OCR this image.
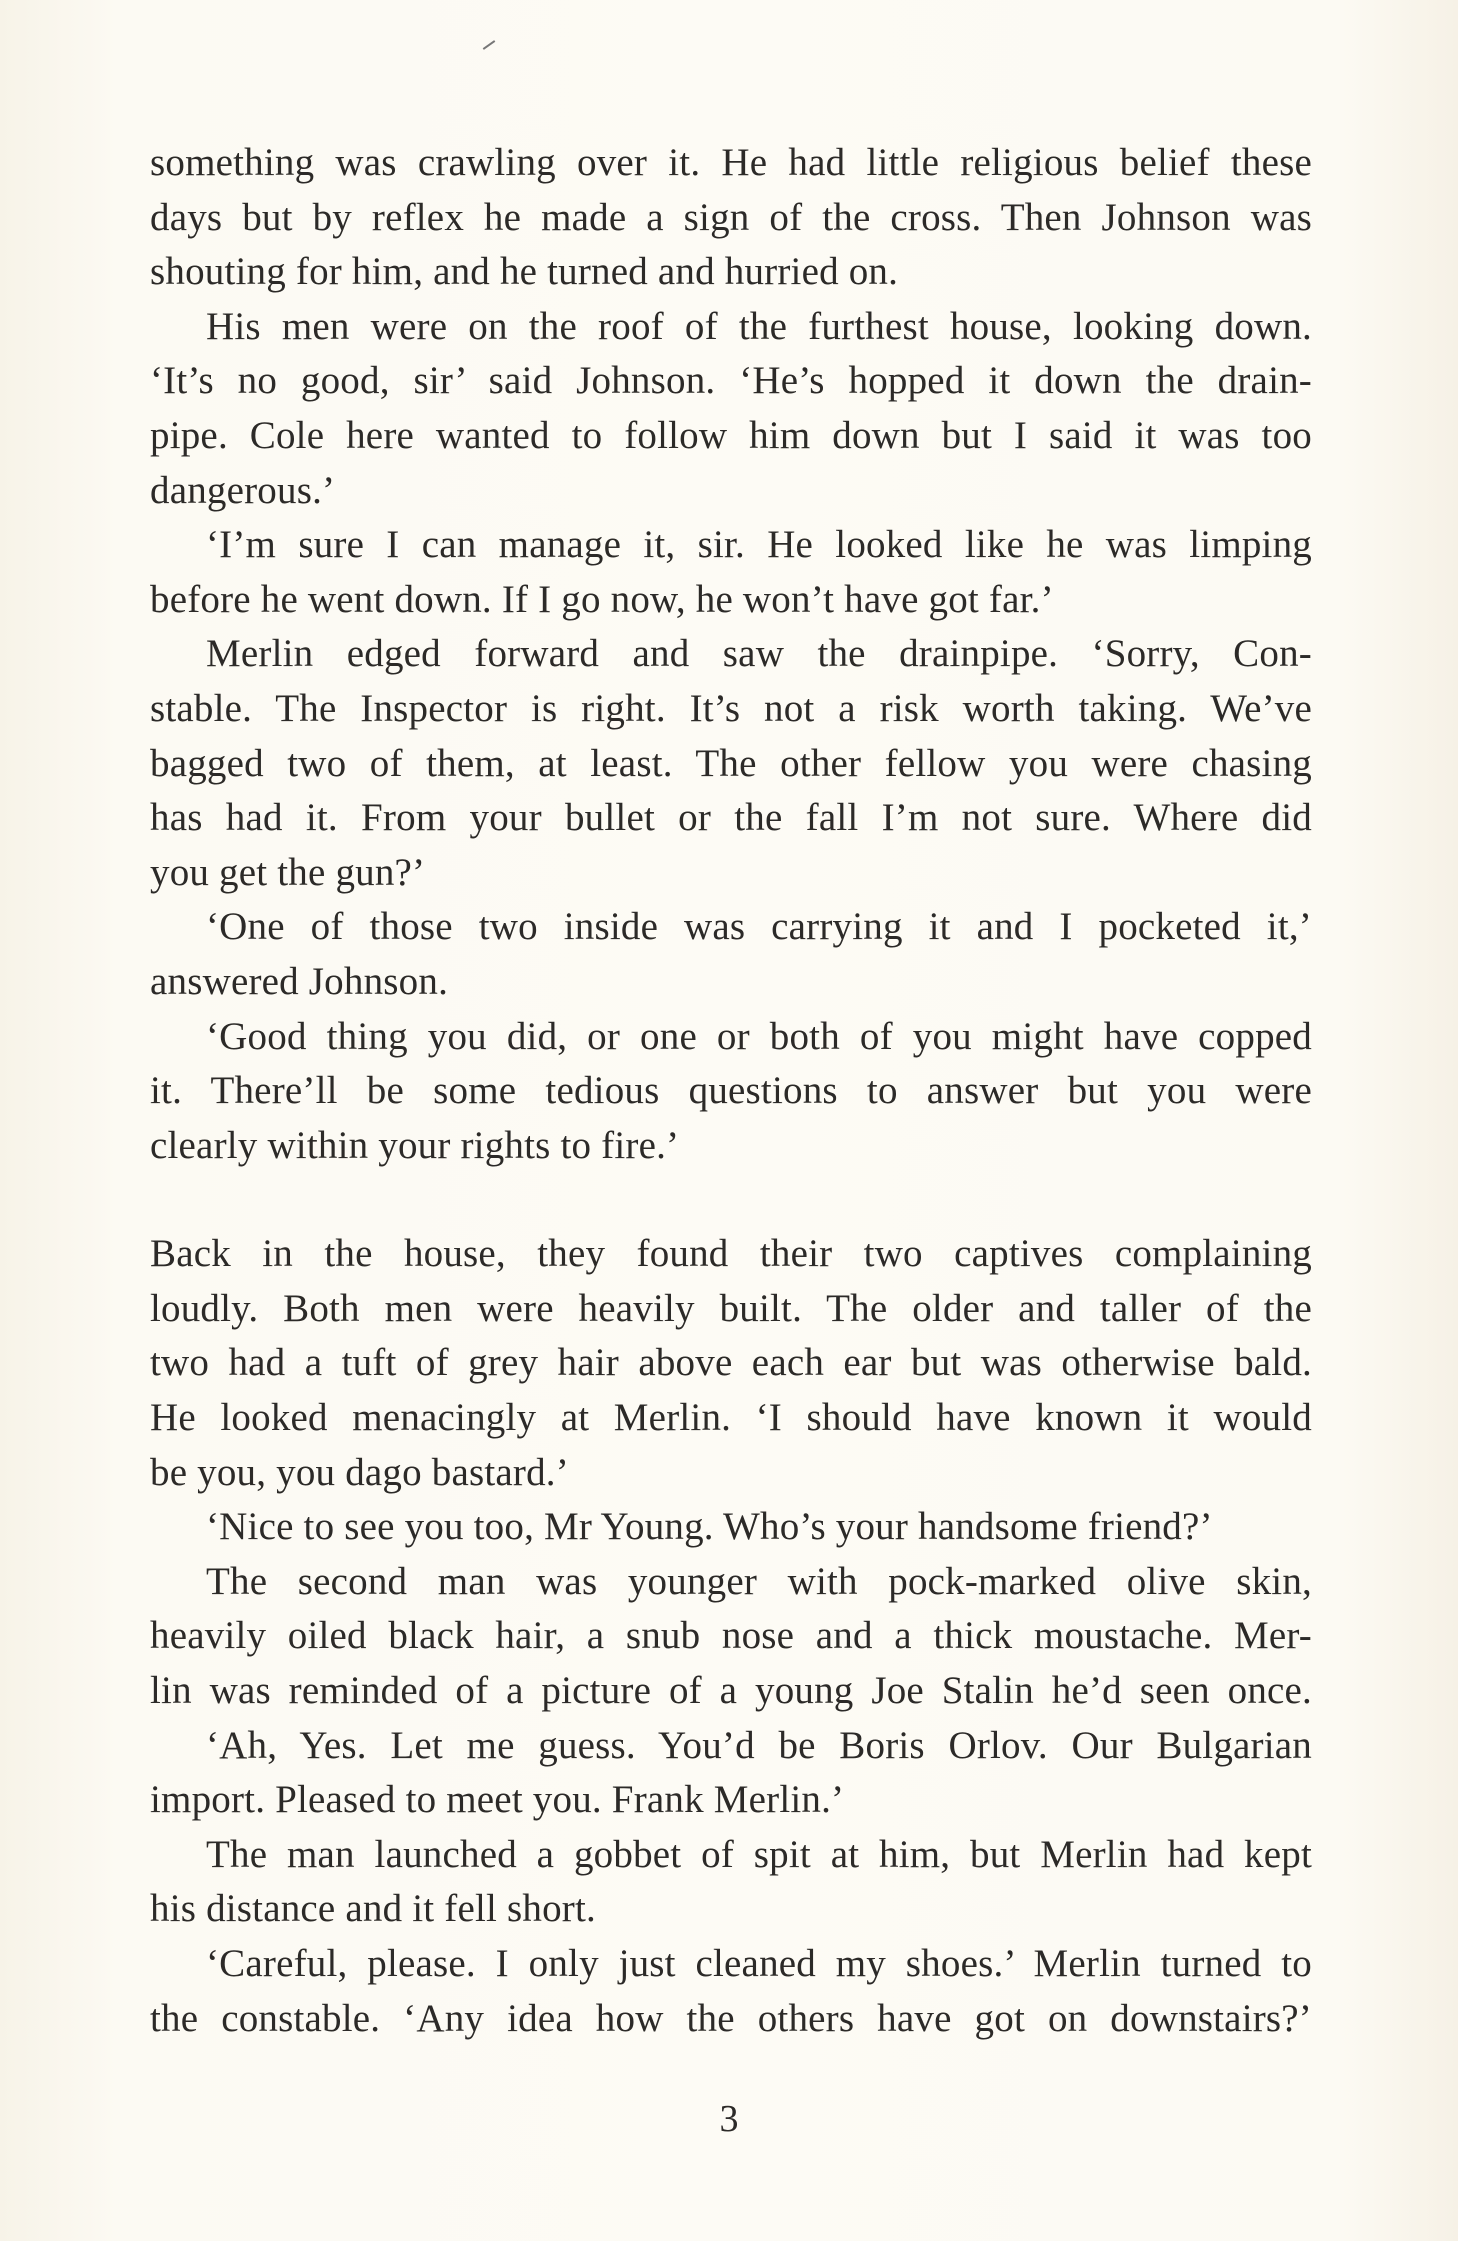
something was crawling over it. He had little religious belief these
days but by reflex he made a sign of the cross. Then Johnson was
shouting for him, and he turned and hurried on.
His men were on the roof of the furthest house, looking down.
‘It’s no good, sir’ said Johnson. ‘He’s hopped it down the drain-
pipe. Cole here wanted to follow him down but I said it was too
dangerous.’
‘I’m sure I can manage it, sir. He looked like he was limping
before he went down. If I go now, he won’t have got far.’
Merlin edged forward and saw the drainpipe. ‘Sorry, Con-
stable. The Inspector is right. It’s not a risk worth taking. We’ve
bagged two of them, at least. The other fellow you were chasing
has had it. From your bullet or the fall I’m not sure. Where did
you get the gun?’
‘One of those two inside was carrying it and I pocketed it,’
answered Johnson.
‘Good thing you did, or one or both of you might have copped
it. There’ll be some tedious questions to answer but you were
clearly within your rights to fire.’
Back in the house, they found their two captives complaining
loudly. Both men were heavily built. The older and taller of the
two had a tuft of grey hair above each ear but was otherwise bald.
He looked menacingly at Merlin. ‘I should have known it would
be you, you dago bastard.’
‘Nice to see you too, Mr Young. Who’s your handsome friend?’
The second man was younger with pock-marked olive skin,
heavily oiled black hair, a snub nose and a thick moustache. Mer-
lin was reminded of a picture of a young Joe Stalin he’d seen once.
‘Ah, Yes. Let me guess. You’d be Boris Orlov. Our Bulgarian
import. Pleased to meet you. Frank Merlin.’
The man launched a gobbet of spit at him, but Merlin had kept
his distance and it fell short.
‘Careful, please. I only just cleaned my shoes.’ Merlin turned to
the constable. ‘Any idea how the others have got on downstairs?’
3
